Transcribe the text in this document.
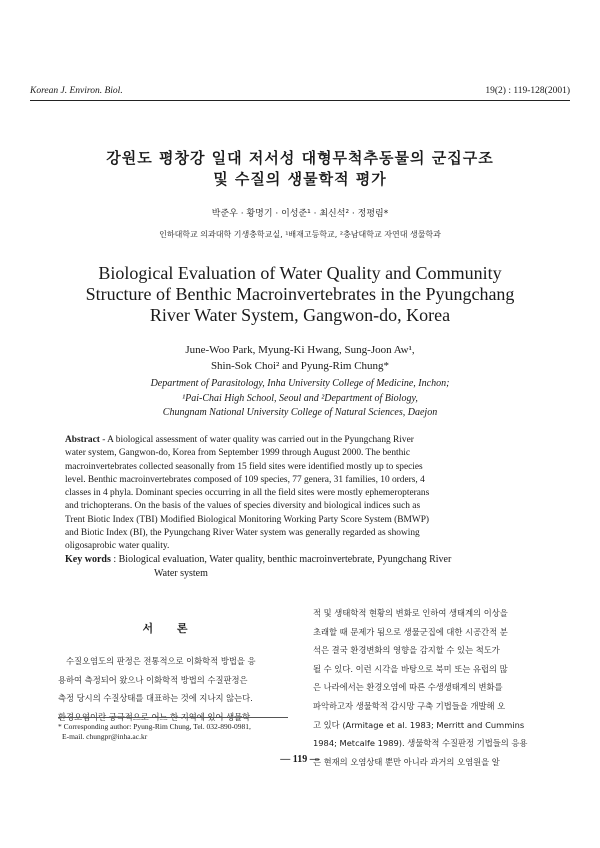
Korean J. Environ. Biol.	19(2) : 119-128(2001)
강원도 평창강 일대 저서성 대형무척추동물의 군집구조
및 수질의 생물학적 평가
박준우 · 황명기 · 이성준¹ · 최신석² · 정평림*
인하대학교 의과대학 기생충학교실, ¹배재고등학교, ²충남대학교 자연대 생물학과
Biological Evaluation of Water Quality and Community
Structure of Benthic Macroinvertebrates in the Pyungchang
River Water System, Gangwon-do, Korea
June-Woo Park, Myung-Ki Hwang, Sung-Joon Aw¹,
Shin-Sok Choi² and Pyung-Rim Chung*
Department of Parasitology, Inha University College of Medicine, Inchon;
¹Pai-Chai High School, Seoul and ²Department of Biology,
Chungnam National University College of Natural Sciences, Daejon
Abstract - A biological assessment of water quality was carried out in the Pyungchang River
water system, Gangwon-do, Korea from September 1999 through August 2000. The benthic
macroinvertebrates collected seasonally from 15 field sites were identified mostly up to species
level. Benthic macroinvertebrates composed of 109 species, 77 genera, 31 families, 10 orders, 4
classes in 4 phyla. Dominant species occurring in all the field sites were mostly ephemeropterans
and trichopterans. On the basis of the values of species diversity and biological indices such as
Trent Biotic Index (TBI) Modified Biological Monitoring Working Party Score System (BMWP)
and Biotic Index (BI), the Pyungchang River Water system was generally regarded as showing
oligosaprobic water quality.
Key words : Biological evaluation, Water quality, benthic macroinvertebrate, Pyungchang River
Water system
서 론
수질오염도의 판정은 전통적으로 이화학적 방법을 응
용하여 측정되어 왔으나 이화학적 방법의 수질판정은
측정 당시의 수질상태를 대표하는 것에 지나지 않는다.
환경오염이란 궁극적으로 어느 한 지역에 있어 생물학
* Corresponding author: Pyung-Rim Chung, Tel. 032-890-0981,
E-mail. chungpr@inha.ac.kr
적 및 생태학적 현황의 변화로 인하여 생태계의 이상을
초래할 때 문제가 됨으로 생물군집에 대한 시공간적 분
석은 결국 환경변화의 영향을 감지할 수 있는 척도가
될 수 있다. 이런 시각을 바탕으로 북미 또는 유럽의 많
은 나라에서는 환경오염에 따른 수생생태계의 변화를
파악하고자 생물학적 감시망 구축 기법들을 개발해 오
고 있다 (Armitage et al. 1983; Merritt and Cummins
1984; Metcalfe 1989). 생물학적 수질판정 기법들의 응용
은 현재의 오염상태 뿐만 아니라 과거의 오염원을 알
— 119 —
